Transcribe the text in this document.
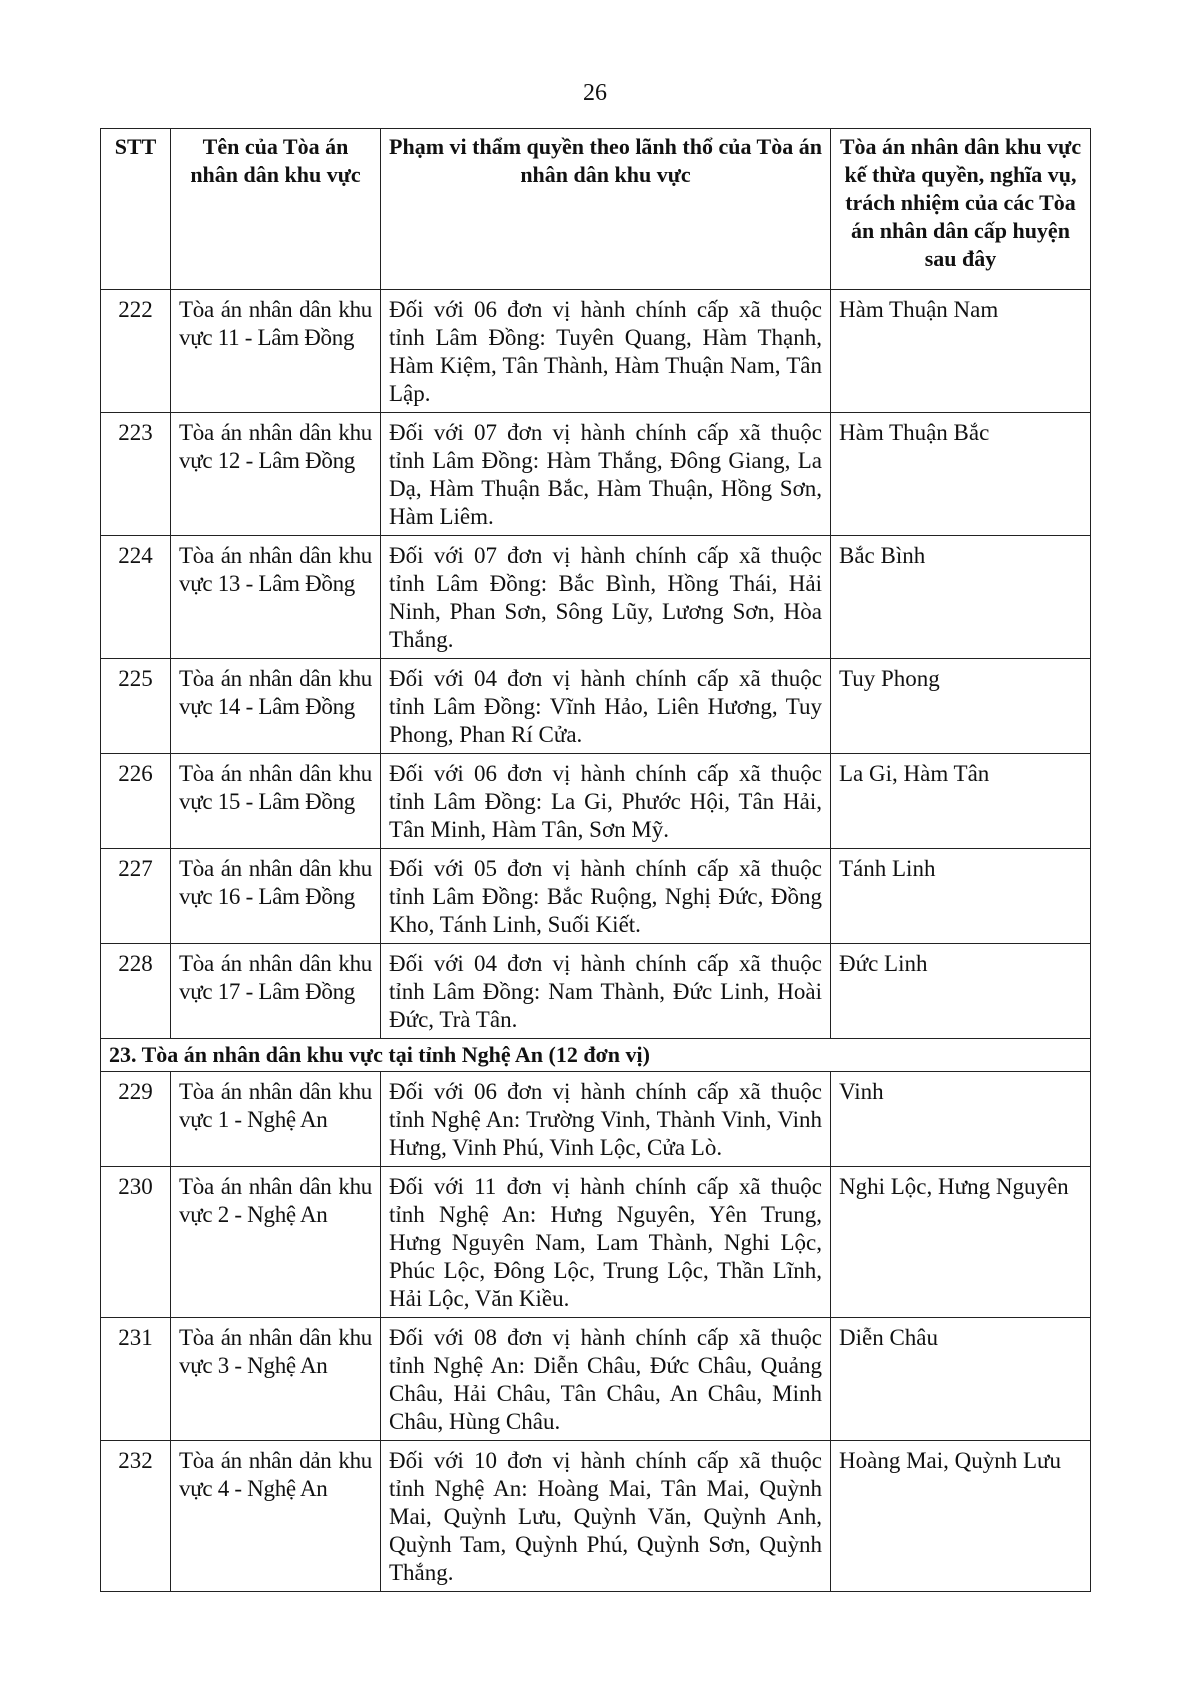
26
STT	Tên của Tòa án nhân dân khu vực	Phạm vi thẩm quyền theo lãnh thổ của Tòa án nhân dân khu vực	Tòa án nhân dân khu vực kế thừa quyền, nghĩa vụ, trách nhiệm của các Tòa án nhân dân cấp huyện sau đây
222	Tòa án nhân dân khu vực 11 - Lâm Đồng	Đối với 06 đơn vị hành chính cấp xã thuộc tỉnh Lâm Đồng: Tuyên Quang, Hàm Thạnh, Hàm Kiệm, Tân Thành, Hàm Thuận Nam, Tân Lập.	Hàm Thuận Nam
223	Tòa án nhân dân khu vực 12 - Lâm Đồng	Đối với 07 đơn vị hành chính cấp xã thuộc tỉnh Lâm Đồng: Hàm Thắng, Đông Giang, La Dạ, Hàm Thuận Bắc, Hàm Thuận, Hồng Sơn, Hàm Liêm.	Hàm Thuận Bắc
224	Tòa án nhân dân khu vực 13 - Lâm Đồng	Đối với 07 đơn vị hành chính cấp xã thuộc tỉnh Lâm Đồng: Bắc Bình, Hồng Thái, Hải Ninh, Phan Sơn, Sông Lũy, Lương Sơn, Hòa Thắng.	Bắc Bình
225	Tòa án nhân dân khu vực 14 - Lâm Đồng	Đối với 04 đơn vị hành chính cấp xã thuộc tỉnh Lâm Đồng: Vĩnh Hảo, Liên Hương, Tuy Phong, Phan Rí Cửa.	Tuy Phong
226	Tòa án nhân dân khu vực 15 - Lâm Đồng	Đối với 06 đơn vị hành chính cấp xã thuộc tỉnh Lâm Đồng: La Gi, Phước Hội, Tân Hải, Tân Minh, Hàm Tân, Sơn Mỹ.	La Gi, Hàm Tân
227	Tòa án nhân dân khu vực 16 - Lâm Đồng	Đối với 05 đơn vị hành chính cấp xã thuộc tỉnh Lâm Đồng: Bắc Ruộng, Nghị Đức, Đồng Kho, Tánh Linh, Suối Kiết.	Tánh Linh
228	Tòa án nhân dân khu vực 17 - Lâm Đồng	Đối với 04 đơn vị hành chính cấp xã thuộc tỉnh Lâm Đồng: Nam Thành, Đức Linh, Hoài Đức, Trà Tân.	Đức Linh
23. Tòa án nhân dân khu vực tại tỉnh Nghệ An (12 đơn vị)			
229	Tòa án nhân dân khu vực 1 - Nghệ An	Đối với 06 đơn vị hành chính cấp xã thuộc tỉnh Nghệ An: Trường Vinh, Thành Vinh, Vinh Hưng, Vinh Phú, Vinh Lộc, Cửa Lò.	Vinh
230	Tòa án nhân dân khu vực 2 - Nghệ An	Đối với 11 đơn vị hành chính cấp xã thuộc tỉnh Nghệ An: Hưng Nguyên, Yên Trung, Hưng Nguyên Nam, Lam Thành, Nghi Lộc, Phúc Lộc, Đông Lộc, Trung Lộc, Thần Lĩnh, Hải Lộc, Văn Kiều.	Nghi Lộc, Hưng Nguyên
231	Tòa án nhân dân khu vực 3 - Nghệ An	Đối với 08 đơn vị hành chính cấp xã thuộc tỉnh Nghệ An: Diễn Châu, Đức Châu, Quảng Châu, Hải Châu, Tân Châu, An Châu, Minh Châu, Hùng Châu.	Diễn Châu
232	Tòa án nhân dản khu vực 4 - Nghệ An	Đối với 10 đơn vị hành chính cấp xã thuộc tỉnh Nghệ An: Hoàng Mai, Tân Mai, Quỳnh Mai, Quỳnh Lưu, Quỳnh Văn, Quỳnh Anh, Quỳnh Tam, Quỳnh Phú, Quỳnh Sơn, Quỳnh Thắng.	Hoàng Mai, Quỳnh Lưu
